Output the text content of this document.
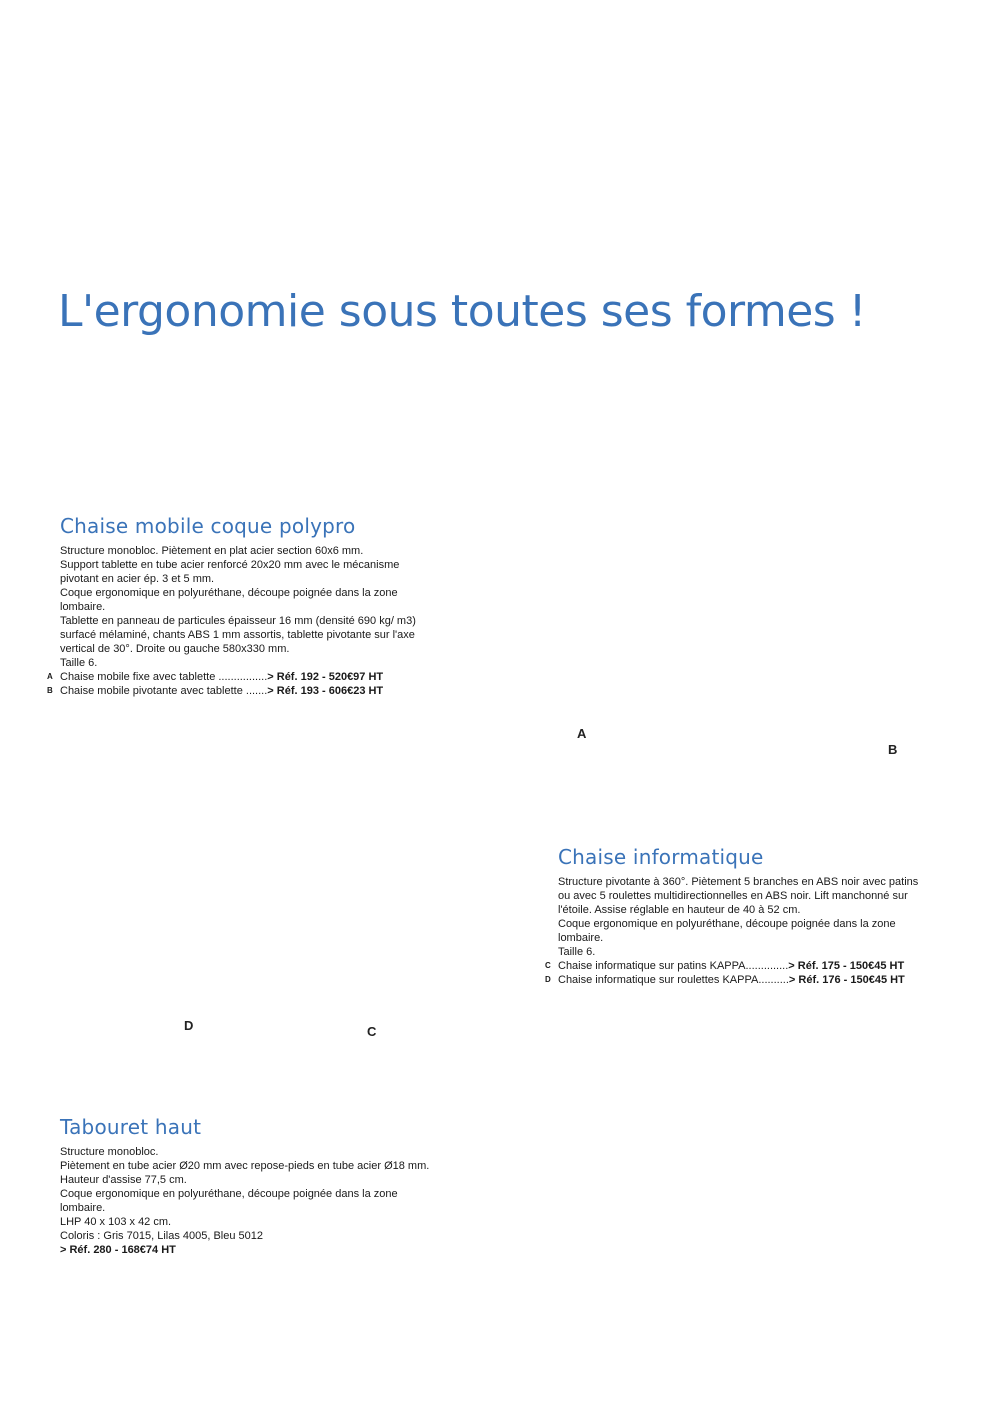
L'ergonomie sous toutes ses formes !
Chaise mobile coque polypro

Structure monobloc. Piètement en plat acier section 60x6 mm.

Support tablette en tube acier renforcé 20x20 mm avec le mécanisme pivotant en acier ép. 3 et 5 mm.

Coque ergonomique en polyuréthane, découpe poignée dans la zone lombaire.

Tablette en panneau de particules épaisseur 16 mm (densité 690 kg/ m3) surfacé mélaminé, chants ABS 1 mm assortis, tablette pivotante sur l'axe vertical de 30°. Droite ou gauche 580x330 mm.

Taille 6.

A Chaise mobile fixe avec tablette ................> Réf. 192 - 520€97 HT
B Chaise mobile pivotante avec tablette .......> Réf. 193 - 606€23 HT
A
B
Chaise informatique

Structure pivotante à 360°. Piètement 5 branches en ABS noir avec patins ou avec 5 roulettes multidirectionnelles en ABS noir. Lift manchonné sur l'étoile. Assise réglable en hauteur de 40 à 52 cm.

Coque ergonomique en polyuréthane, découpe poignée dans la zone lombaire.

Taille 6.

C Chaise informatique sur patins KAPPA..............> Réf. 175 - 150€45 HT
D Chaise informatique sur roulettes KAPPA..........> Réf. 176 - 150€45 HT
D	C
Tabouret haut

Structure monobloc.

Piètement en tube acier Ø20 mm avec repose-pieds en tube acier Ø18 mm. Hauteur d'assise 77,5 cm.

Coque ergonomique en polyuréthane, découpe poignée dans la zone lombaire.

LHP 40 x 103 x 42 cm.

Coloris : Gris 7015, Lilas 4005, Bleu 5012

> Réf. 280 - 168€74 HT
